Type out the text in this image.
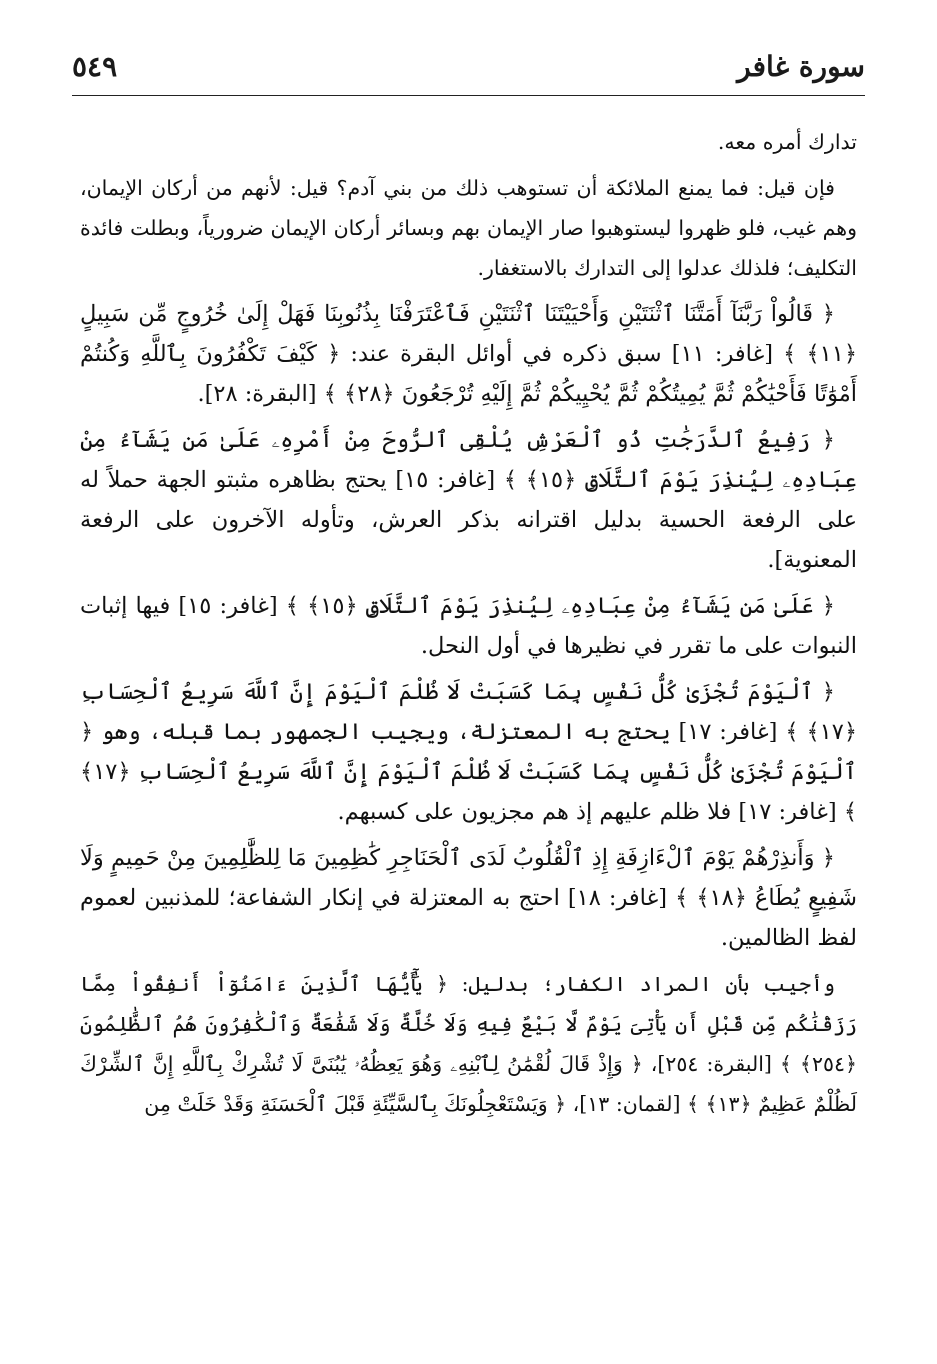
سورة غافر
٥٤٩

تدارك أمره معه.

فإن قيل: فما يمنع الملائكة أن تستوهب ذلك من بني آدم؟ قيل: لأنهم من أركان الإيمان، وهم غيب، فلو ظهروا ليستوهبوا صار الإيمان بهم وبسائر أركان الإيمان ضرورياً، وبطلت فائدة التكليف؛ فلذلك عدلوا إلى التدارك بالاستغفار.

﴿ قَالُواْ رَبَّنَآ أَمَتَّنَا ٱثْنَتَيْنِ وَأَحْيَيْتَنَا ٱثْنَتَيْنِ فَٱعْتَرَفْنَا بِذُنُوبِنَا فَهَلْ إِلَىٰ خُرُوجٍ مِّن سَبِيلٍ ﴿١١﴾ ﴾ [غافر: ١١] سبق ذكره في أوائل البقرة عند: ﴿ كَيْفَ تَكْفُرُونَ بِٱللَّهِ وَكُنتُمْ أَمْوَٰتًا فَأَحْيَٰكُمْ ثُمَّ يُمِيتُكُمْ ثُمَّ يُحْيِيكُمْ ثُمَّ إِلَيْهِ تُرْجَعُونَ ﴿٢٨﴾ ﴾ [البقرة: ٢٨].

﴿ رَفِيعُ ٱلدَّرَجَٰتِ ذُو ٱلْعَرْشِ يُلْقِى ٱلرُّوحَ مِنْ أَمْرِهِۦ عَلَىٰ مَن يَشَآءُ مِنْ عِبَادِهِۦ لِيُنذِرَ يَوْمَ ٱلتَّلَاقِ ﴿١٥﴾ ﴾ [غافر: ١٥] يحتج بظاهره مثبتو الجهة حملاً له على الرفعة الحسية بدليل اقترانه بذكر العرش، وتأوله الآخرون على الرفعة المعنوية].

﴿ عَلَىٰ مَن يَشَآءُ مِنْ عِبَادِهِۦ لِيُنذِرَ يَوْمَ ٱلتَّلَاقِ ﴿١٥﴾ ﴾ [غافر: ١٥] فيها إثبات النبوات على ما تقرر في نظيرها في أول النحل.

﴿ ٱلْيَوْمَ تُجْزَىٰ كُلُّ نَفْسٍ بِمَا كَسَبَتْ لَا ظُلْمَ ٱلْيَوْمَ إِنَّ ٱللَّهَ سَرِيعُ ٱلْحِسَابِ ﴿١٧﴾ ﴾ [غافر: ١٧] يحتج به المعتزلة، ويجيب الجمهور بما قبله، وهو ﴿ ٱلْيَوْمَ تُجْزَىٰ كُلُّ نَفْسٍ بِمَا كَسَبَتْ لَا ظُلْمَ ٱلْيَوْمَ إِنَّ ٱللَّهَ سَرِيعُ ٱلْحِسَابِ ﴿١٧﴾ ﴾ [غافر: ١٧] فلا ظلم عليهم إذ هم مجزيون على كسبهم.

﴿ وَأَنذِرْهُمْ يَوْمَ ٱلْءَازِفَةِ إِذِ ٱلْقُلُوبُ لَدَى ٱلْحَنَاجِرِ كَٰظِمِينَ مَا لِلظَّٰلِمِينَ مِنْ حَمِيمٍ وَلَا شَفِيعٍ يُطَاعُ ﴿١٨﴾ ﴾ [غافر: ١٨] احتج به المعتزلة في إنكار الشفاعة؛ للمذنبين لعموم لفظ الظالمين.

وأجيب بأن المراد الكفار؛ بدليل: ﴿ يَٰٓأَيُّهَا ٱلَّذِينَ ءَامَنُوٓاْ أَنفِقُواْ مِمَّا رَزَقْنَٰكُم مِّن قَبْلِ أَن يَأْتِىَ يَوْمٌ لَّا بَيْعٌ فِيهِ وَلَا خُلَّةٌ وَلَا شَفَٰعَةٌ وَٱلْكَٰفِرُونَ هُمُ ٱلظَّٰلِمُونَ ﴿٢٥٤﴾ ﴾ [البقرة: ٢٥٤]، ﴿ وَإِذْ قَالَ لُقْمَٰنُ لِٱبْنِهِۦ وَهُوَ يَعِظُهُۥ يَٰبُنَىَّ لَا تُشْرِكْ بِٱللَّهِ إِنَّ ٱلشِّرْكَ لَظُلْمٌ عَظِيمٌ ﴿١٣﴾ ﴾ [لقمان: ١٣]، ﴿ وَيَسْتَعْجِلُونَكَ بِٱلسَّيِّئَةِ قَبْلَ ٱلْحَسَنَةِ وَقَدْ خَلَتْ مِن
